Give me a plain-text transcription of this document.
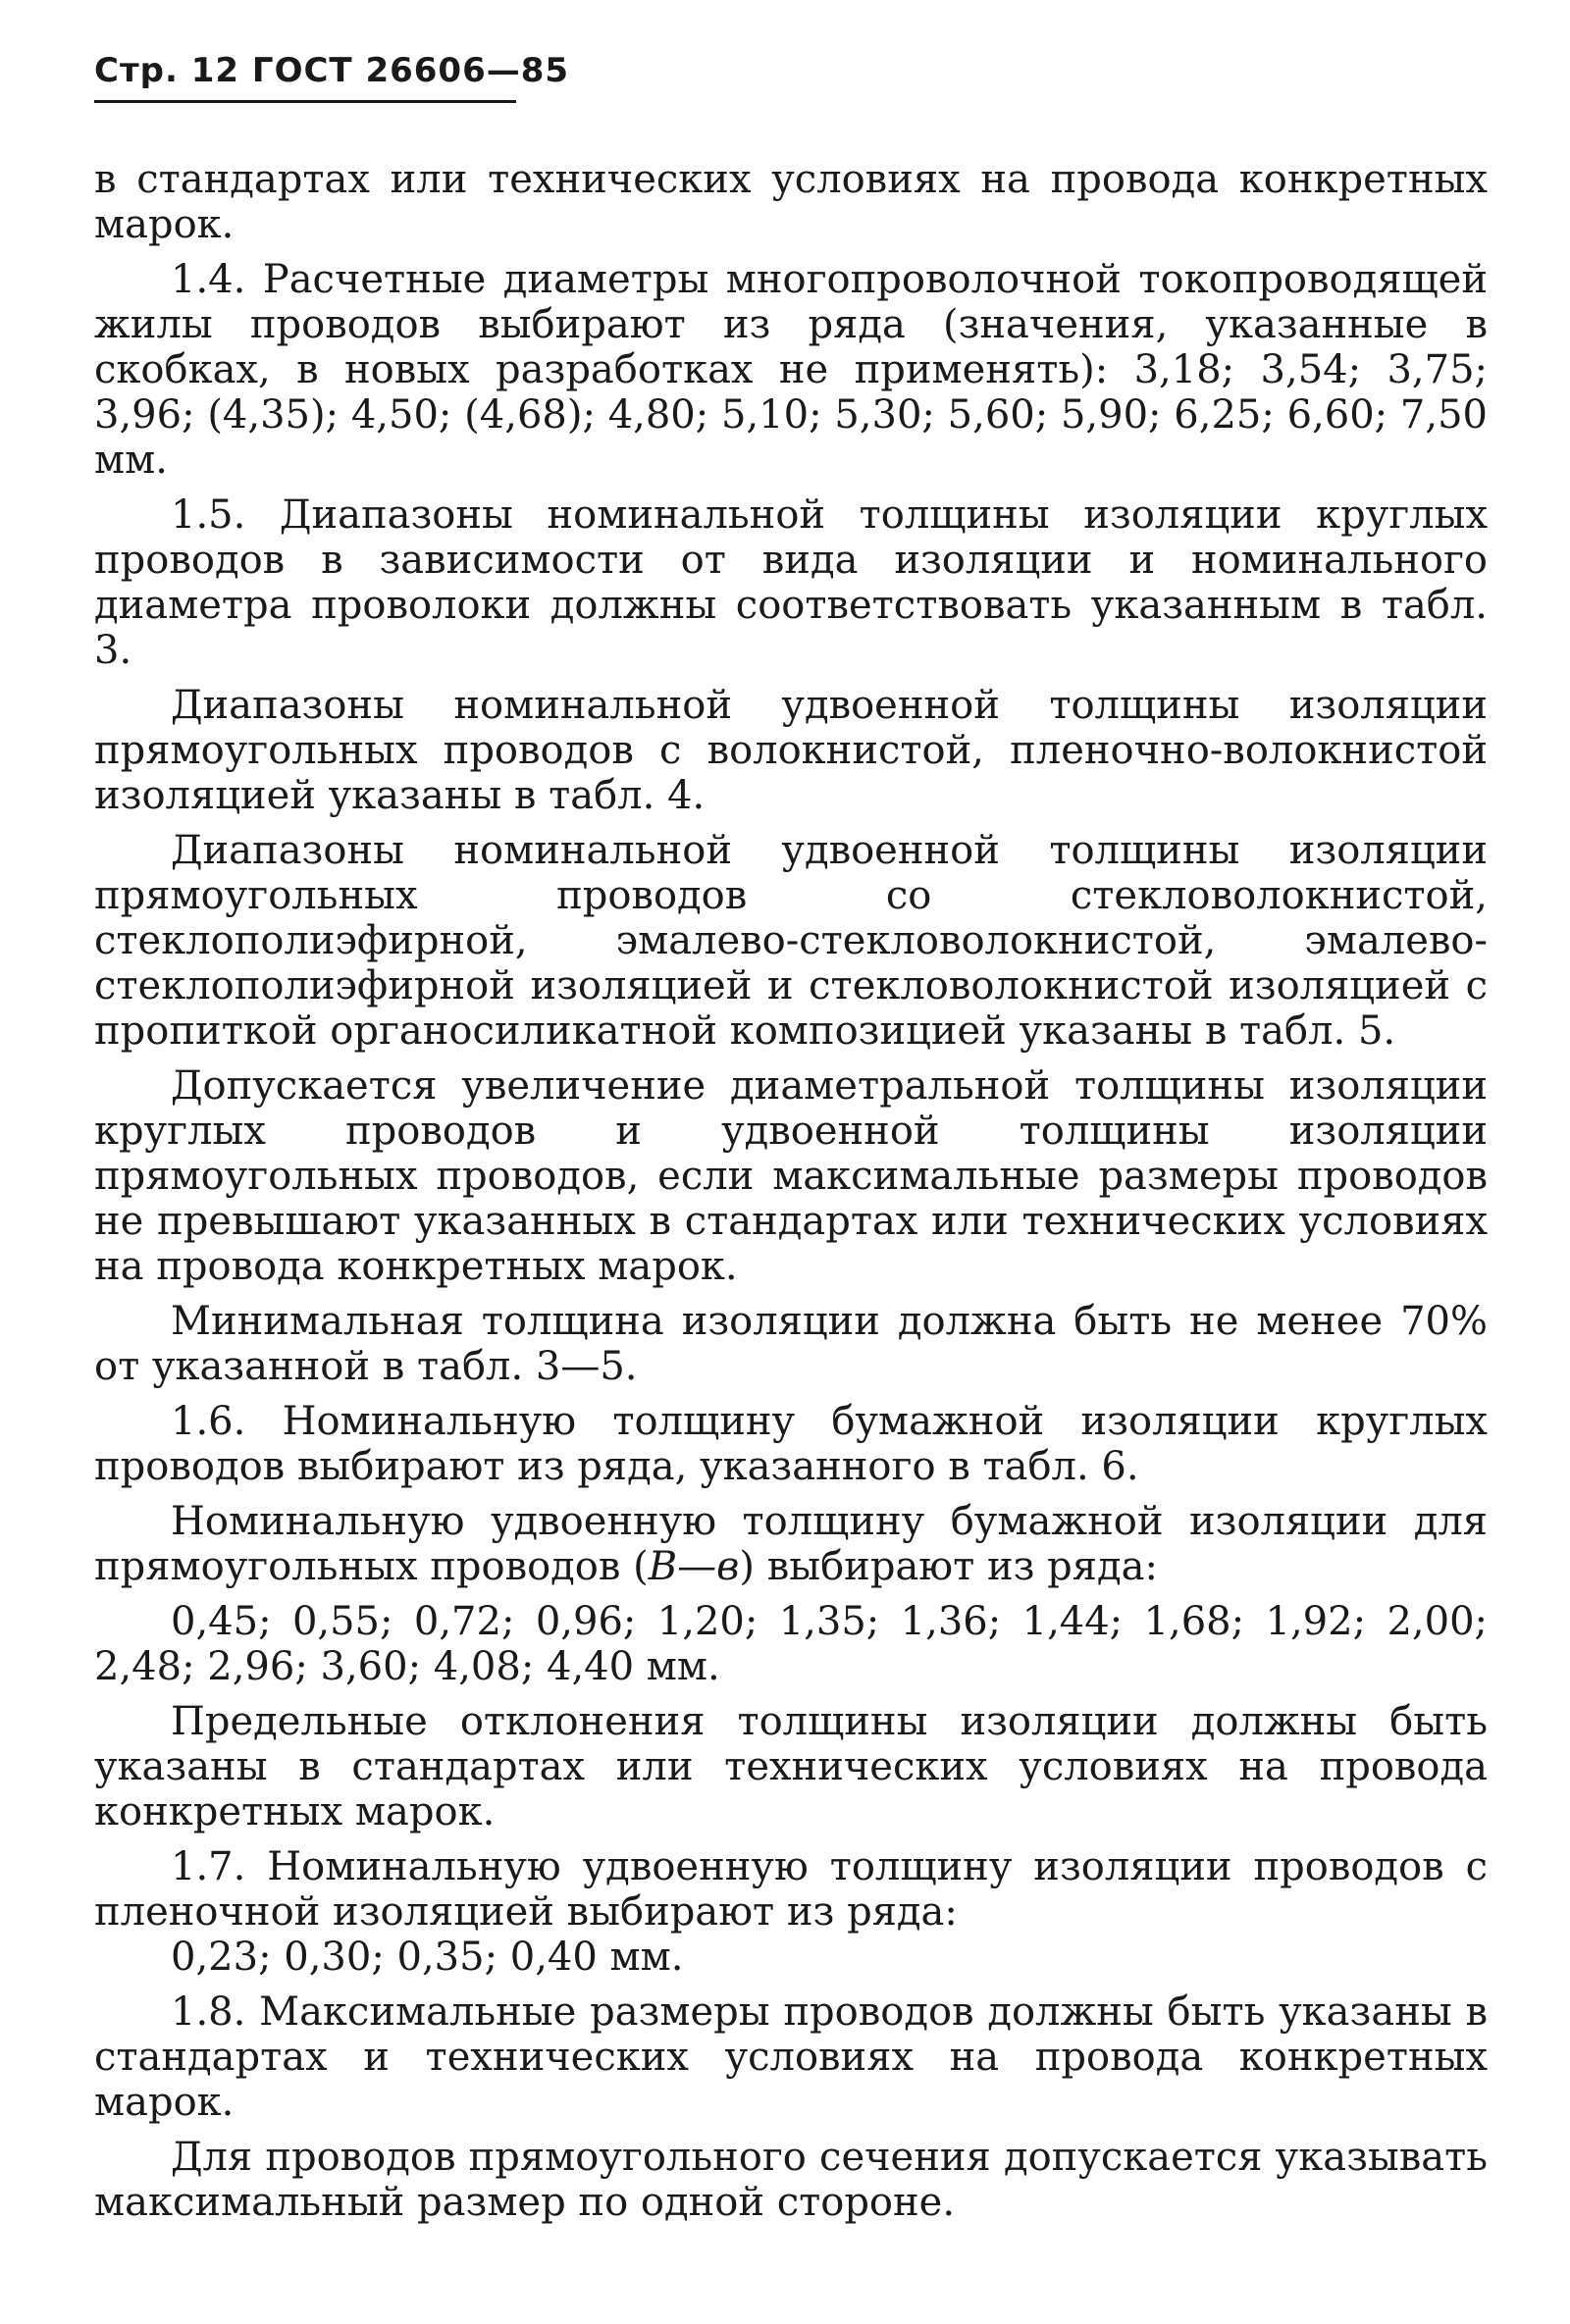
Стр. 12 ГОСТ 26606—85

в стандартах или технических условиях на провода конкретных марок.

1.4. Расчетные диаметры многопроволочной токопроводящей жилы проводов выбирают из ряда (значения, указанные в скобках, в новых разработках не применять): 3,18; 3,54; 3,75; 3,96; (4,35); 4,50; (4,68); 4,80; 5,10; 5,30; 5,60; 5,90; 6,25; 6,60; 7,50 мм.

1.5. Диапазоны номинальной толщины изоляции круглых проводов в зависимости от вида изоляции и номинального диаметра проволоки должны соответствовать указанным в табл. 3.

Диапазоны номинальной удвоенной толщины изоляции прямоугольных проводов с волокнистой, пленочно-волокнистой изоляцией указаны в табл. 4.

Диапазоны номинальной удвоенной толщины изоляции прямоугольных проводов со стекловолокнистой, стеклополиэфирной, эмалево-стекловолокнистой, эмалево-стеклополиэфирной изоляцией и стекловолокнистой изоляцией с пропиткой органосиликатной композицией указаны в табл. 5.

Допускается увеличение диаметральной толщины изоляции круглых проводов и удвоенной толщины изоляции прямоугольных проводов, если максимальные размеры проводов не превышают указанных в стандартах или технических условиях на провода конкретных марок.

Минимальная толщина изоляции должна быть не менее 70% от указанной в табл. 3—5.

1.6. Номинальную толщину бумажной изоляции круглых проводов выбирают из ряда, указанного в табл. 6.

Номинальную удвоенную толщину бумажной изоляции для прямоугольных проводов (B—в) выбирают из ряда:

0,45; 0,55; 0,72; 0,96; 1,20; 1,35; 1,36; 1,44; 1,68; 1,92; 2,00; 2,48; 2,96; 3,60; 4,08; 4,40 мм.

Предельные отклонения толщины изоляции должны быть указаны в стандартах или технических условиях на провода конкретных марок.

1.7. Номинальную удвоенную толщину изоляции проводов с пленочной изоляцией выбирают из ряда:

0,23; 0,30; 0,35; 0,40 мм.

1.8. Максимальные размеры проводов должны быть указаны в стандартах и технических условиях на провода конкретных марок.

Для проводов прямоугольного сечения допускается указывать максимальный размер по одной стороне.
